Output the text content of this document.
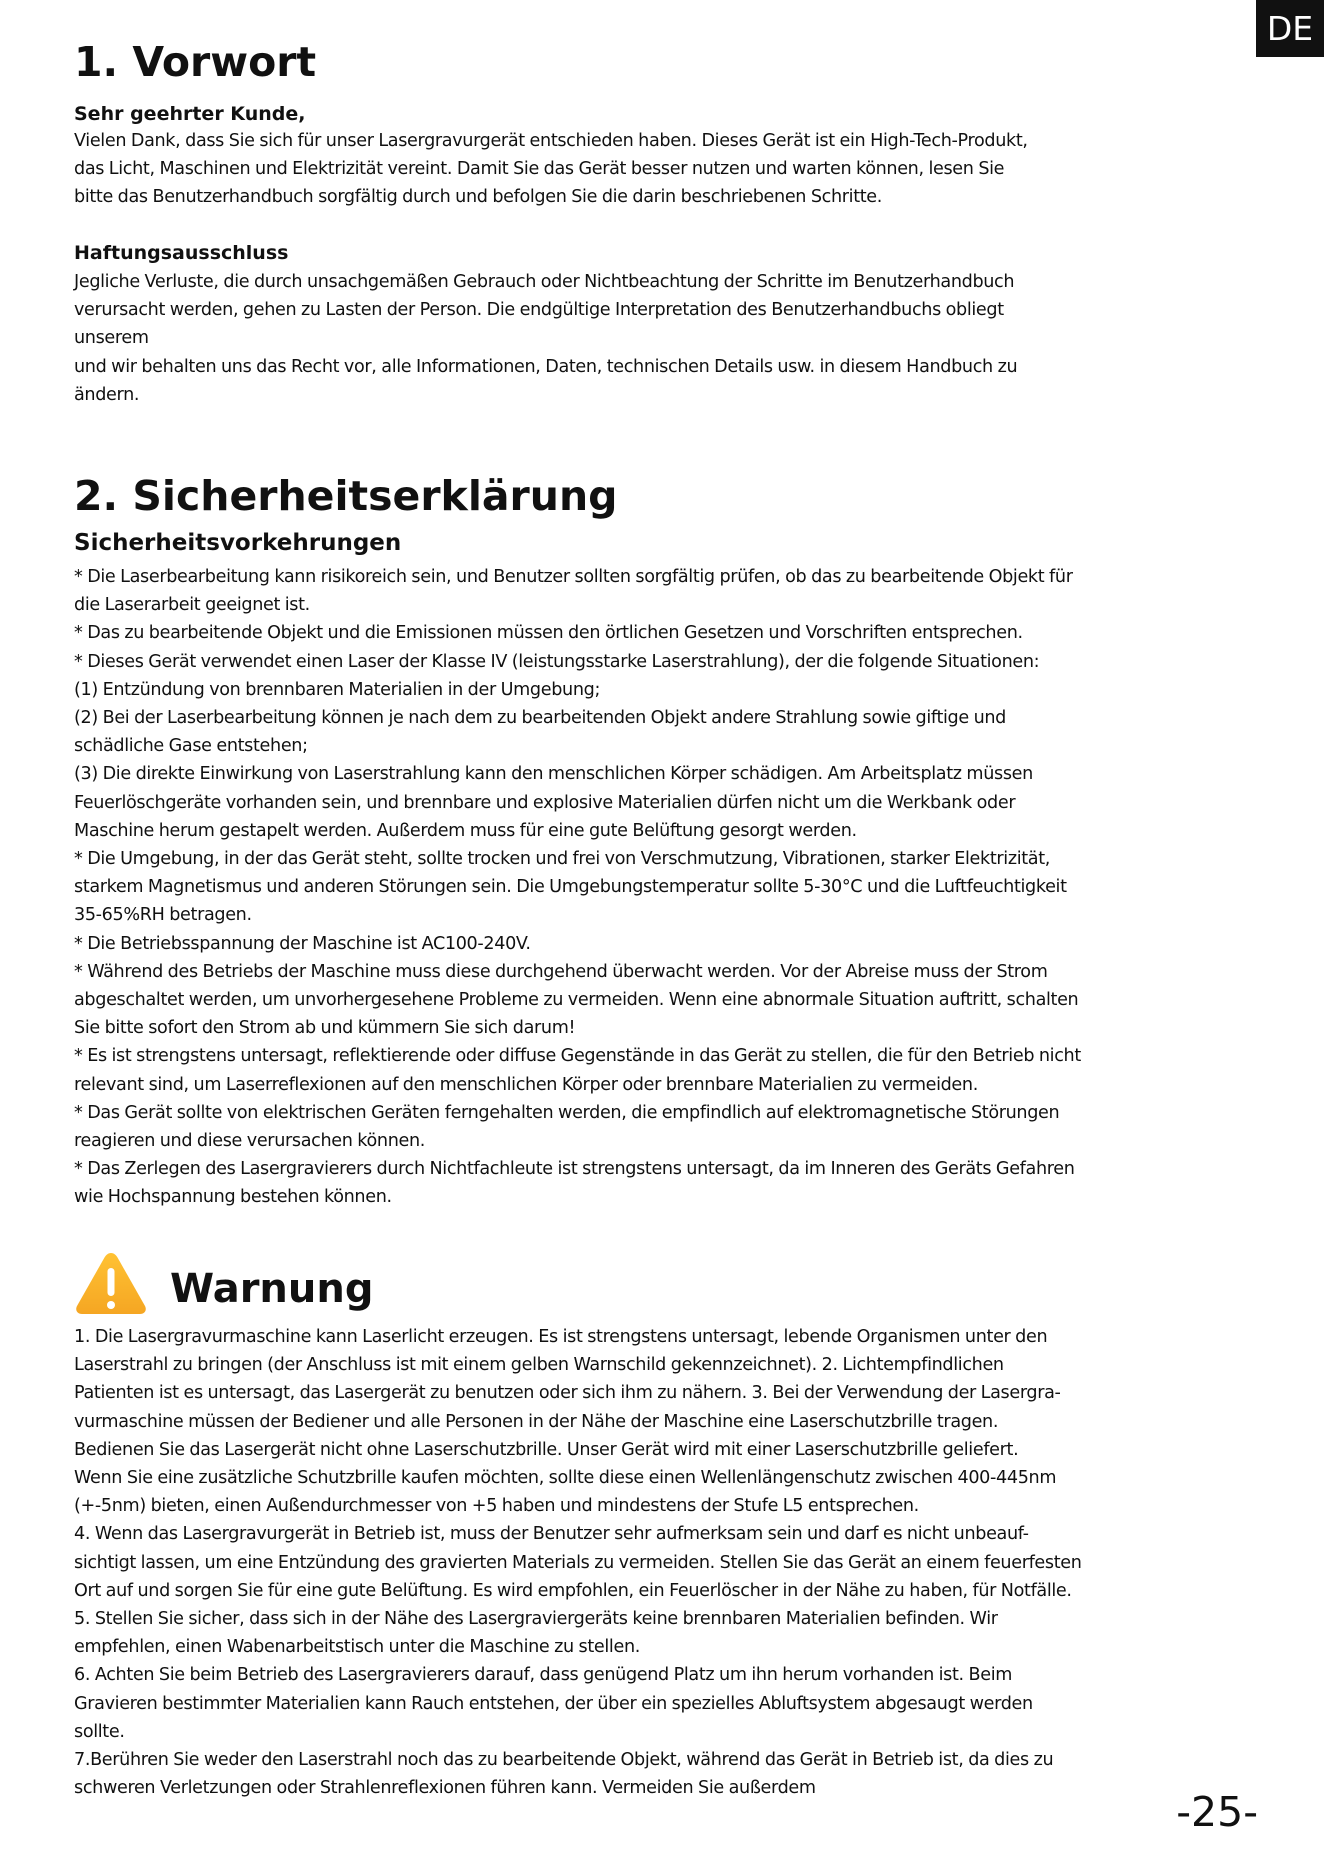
DE
1. Vorwort
Sehr geehrter Kunde,

Vielen Dank, dass Sie sich für unser Lasergravurgerät entschieden haben. Dieses Gerät ist ein High-Tech-Produkt,
das Licht, Maschinen und Elektrizität vereint. Damit Sie das Gerät besser nutzen und warten können, lesen Sie
bitte das Benutzerhandbuch sorgfältig durch und befolgen Sie die darin beschriebenen Schritte.

Haftungsausschluss

Jegliche Verluste, die durch unsachgemäßen Gebrauch oder Nichtbeachtung der Schritte im Benutzerhandbuch
verursacht werden, gehen zu Lasten der Person. Die endgültige Interpretation des Benutzerhandbuchs obliegt
unserem
und wir behalten uns das Recht vor, alle Informationen, Daten, technischen Details usw. in diesem Handbuch zu
ändern.

2. Sicherheitserklärung
Sicherheitsvorkehrungen

* Die Laserbearbeitung kann risikoreich sein, und Benutzer sollten sorgfältig prüfen, ob das zu bearbeitende Objekt für
die Laserarbeit geeignet ist.
* Das zu bearbeitende Objekt und die Emissionen müssen den örtlichen Gesetzen und Vorschriften entsprechen.
* Dieses Gerät verwendet einen Laser der Klasse IV (leistungsstarke Laserstrahlung), der die folgende Situationen:
(1) Entzündung von brennbaren Materialien in der Umgebung;
(2) Bei der Laserbearbeitung können je nach dem zu bearbeitenden Objekt andere Strahlung sowie giftige und
schädliche Gase entstehen;
(3) Die direkte Einwirkung von Laserstrahlung kann den menschlichen Körper schädigen. Am Arbeitsplatz müssen
Feuerlöschgeräte vorhanden sein, und brennbare und explosive Materialien dürfen nicht um die Werkbank oder
Maschine herum gestapelt werden. Außerdem muss für eine gute Belüftung gesorgt werden.
* Die Umgebung, in der das Gerät steht, sollte trocken und frei von Verschmutzung, Vibrationen, starker Elektrizität,
starkem Magnetismus und anderen Störungen sein. Die Umgebungstemperatur sollte 5-30°C und die Luftfeuchtigkeit
35-65%RH betragen.
* Die Betriebsspannung der Maschine ist AC100-240V.
* Während des Betriebs der Maschine muss diese durchgehend überwacht werden. Vor der Abreise muss der Strom
abgeschaltet werden, um unvorhergesehene Probleme zu vermeiden. Wenn eine abnormale Situation auftritt, schalten
Sie bitte sofort den Strom ab und kümmern Sie sich darum!
* Es ist strengstens untersagt, reflektierende oder diffuse Gegenstände in das Gerät zu stellen, die für den Betrieb nicht
relevant sind, um Laserreflexionen auf den menschlichen Körper oder brennbare Materialien zu vermeiden.
* Das Gerät sollte von elektrischen Geräten ferngehalten werden, die empfindlich auf elektromagnetische Störungen
reagieren und diese verursachen können.
* Das Zerlegen des Lasergravierers durch Nichtfachleute ist strengstens untersagt, da im Inneren des Geräts Gefahren
wie Hochspannung bestehen können.

Warnung

1. Die Lasergravurmaschine kann Laserlicht erzeugen. Es ist strengstens untersagt, lebende Organismen unter den
Laserstrahl zu bringen (der Anschluss ist mit einem gelben Warnschild gekennzeichnet). 2. Lichtempfindlichen
Patienten ist es untersagt, das Lasergerät zu benutzen oder sich ihm zu nähern. 3. Bei der Verwendung der Lasergra-
vurmaschine müssen der Bediener und alle Personen in der Nähe der Maschine eine Laserschutzbrille tragen.
Bedienen Sie das Lasergerät nicht ohne Laserschutzbrille. Unser Gerät wird mit einer Laserschutzbrille geliefert.
Wenn Sie eine zusätzliche Schutzbrille kaufen möchten, sollte diese einen Wellenlängenschutz zwischen 400-445nm
(+-5nm) bieten, einen Außendurchmesser von +5 haben und mindestens der Stufe L5 entsprechen.
4. Wenn das Lasergravurgerät in Betrieb ist, muss der Benutzer sehr aufmerksam sein und darf es nicht unbeauf-
sichtigt lassen, um eine Entzündung des gravierten Materials zu vermeiden. Stellen Sie das Gerät an einem feuerfesten
Ort auf und sorgen Sie für eine gute Belüftung. Es wird empfohlen, ein Feuerlöscher in der Nähe zu haben, für Notfälle.
5. Stellen Sie sicher, dass sich in der Nähe des Lasergraviergeräts keine brennbaren Materialien befinden. Wir
empfehlen, einen Wabenarbeitstisch unter die Maschine zu stellen.
6. Achten Sie beim Betrieb des Lasergravierers darauf, dass genügend Platz um ihn herum vorhanden ist. Beim
Gravieren bestimmter Materialien kann Rauch entstehen, der über ein spezielles Abluftsystem abgesaugt werden
sollte.
7.Berühren Sie weder den Laserstrahl noch das zu bearbeitende Objekt, während das Gerät in Betrieb ist, da dies zu
schweren Verletzungen oder Strahlenreflexionen führen kann. Vermeiden Sie außerdem	-25-
